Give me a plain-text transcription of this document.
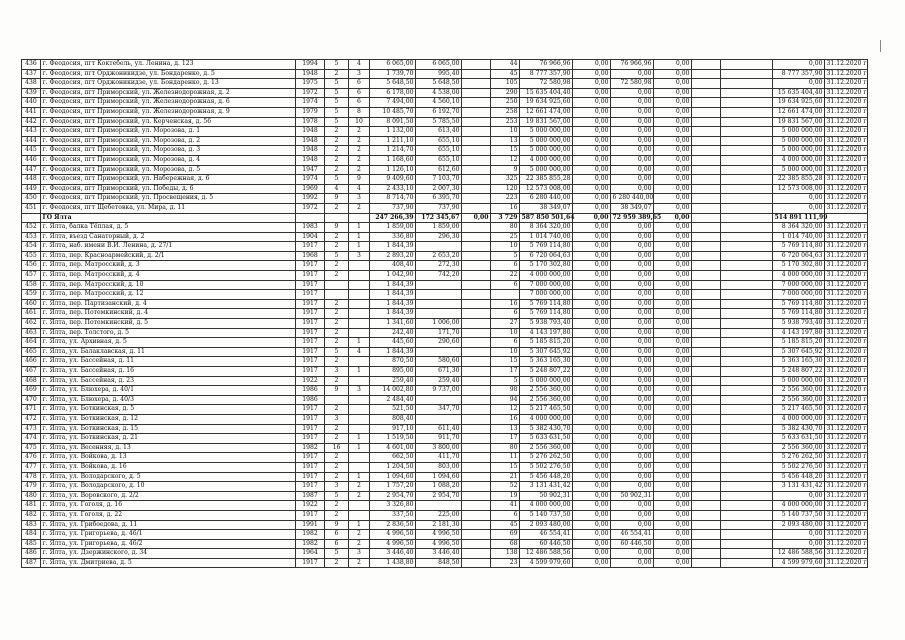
436	г. Феодосия, пгт Коктебель, ул. Ленина, д. 123	1994	5	4	6 065,00	6 065,00		44	76 966,96	0,00	76 966,96	0,00			0,00	31.12.2020 г.
437	г. Феодосия, пгт Орджоникидзе, ул. Бондаренко, д. 5	1948	2	3	1 739,70	995,40		45	8 777 357,90	0,00	0,00	0,00			8 777 357,90	31.12.2020 г.
438	г. Феодосия, пгт Орджоникидзе, ул. Бондаренко, д. 13	1975	5	6	5 648,50	5 648,50		105	72 580,98	0,00	72 580,98	0,00			0,00	31.12.2020 г.
439	г. Феодосия, пгт Приморский, ул. Железнодорожная, д. 2	1972	5	6	6 178,00	4 538,00		290	15 635 404,40	0,00	0,00	0,00			15 635 404,40	31.12.2020 г.
440	г. Феодосия, пгт Приморский, ул. Железнодорожная, д. 6	1974	5	6	7 494,00	4 560,10		250	19 634 925,60	0,00	0,00	0,00			19 634 925,60	31.12.2020 г.
441	г. Феодосия, пгт Приморский, ул. Железнодорожная, д. 9	1979	5	8	10 485,70	6 192,70		258	12 661 474,00	0,00	0,00	0,00			12 661 474,00	31.12.2020 г.
442	г. Феодосия, пгт Приморский, ул. Керченская, д. 56	1978	5	10	8 091,50	5 785,50		253	19 831 567,00	0,00	0,00	0,00			19 831 567,00	31.12.2020 г.
443	г. Феодосия, пгт Приморский, ул. Морозова, д. 1	1948	2	2	1 132,00	613,40		10	5 000 000,00	0,00	0,00	0,00			5 000 000,00	31.12.2020 г.
444	г. Феодосия, пгт Приморский, ул. Морозова, д. 2	1948	2	2	1 211,10	655,10		13	5 000 000,00	0,00	0,00	0,00			5 000 000,00	31.12.2020 г.
445	г. Феодосия, пгт Приморский, ул. Морозова, д. 3	1948	2	2	1 214,70	655,10		15	5 000 000,00	0,00	0,00	0,00			5 000 000,00	31.12.2020 г.
446	г. Феодосия, пгт Приморский, ул. Морозова, д. 4	1948	2	2	1 168,60	655,10		12	4 000 000,00	0,00	0,00	0,00			4 000 000,00	31.12.2020 г.
447	г. Феодосия, пгт Приморский, ул. Морозова, д. 5	1947	2	2	1 126,10	612,60		9	5 000 000,00	0,00	0,00	0,00			5 000 000,00	31.12.2020 г.
448	г. Феодосия, пгт Приморский, ул. Набережная, д. 6	1974	5	9	9 409,60	7 103,70		325	22 385 855,28	0,00	0,00	0,00			22 385 855,28	31.12.2020 г.
449	г. Феодосия, пгт Приморский, ул. Победы, д. 6	1969	4	4	2 433,10	2 007,30		120	12 573 008,00	0,00	0,00	0,00			12 573 008,00	31.12.2020 г.
450	г. Феодосия, пгт Приморский, ул. Просвещения, д. 5	1992	9	3	8 714,70	6 395,70		223	6 280 440,00	0,00	6 280 440,00	0,00			0,00	31.12.2020 г.
451	г. Феодосия, пгт Щебетовка, ул. Мира, д. 11	1972	2	2	737,90	737,90		16	38 349,07	0,00	38 349,07	0,00			0,00	31.12.2020 г.
	ГО Ялта				247 266,39	172 345,67	0,00	3 729	587 850 501,64	0,00	72 959 389,65	0,00			514 891 111,99	
452	г. Ялта, балка Тёплая, д. 5	1983	9	1	1 859,00	1 859,00		80	8 364 320,00	0,00	0,00	0,00			8 364 320,00	31.12.2020 г.
453	г. Ялта, въезд Санаторный, д. 2	1904	2	1	336,80	296,30		25	1 014 740,00	0,00	0,00	0,00			1 014 740,00	31.12.2020 г.
454	г. Ялта, наб. имени В.И. Ленина, д. 27/1	1917	2	1	1 844,39			10	5 769 114,80	0,00	0,00	0,00			5 769 114,80	31.12.2020 г.
455	г. Ялта, пер. Красноармейский, д. 2/1	1968	5	3	2 893,20	2 653,20		5	6 720 064,63	0,00	0,00	0,00			6 720 064,63	31.12.2020 г.
456	г. Ялта, пер. Матросский, д. 3	1917	2		408,40	272,30		6	5 170 302,80	0,00	0,00	0,00			5 170 302,80	31.12.2020 г.
457	г. Ялта, пер. Матросский, д. 4	1917	2		1 042,90	742,20		22	4 000 000,00	0,00	0,00	0,00			4 000 000,00	31.12.2020 г.
458	г. Ялта, пер. Матросский, д. 10	1917			1 844,39			6	7 000 000,00	0,00	0,00	0,00			7 000 000,00	31.12.2020 г.
459	г. Ялта, пер. Матросский, д. 12	1917			1 844,39				7 000 000,00	0,00	0,00	0,00			7 000 000,00	31.12.2020 г.
460	г. Ялта, пер. Партизанский, д. 4	1917	2		1 844,39			16	5 769 114,80	0,00	0,00	0,00			5 769 114,80	31.12.2020 г.
461	г. Ялта, пер. Потемкинский, д. 4	1917	2		1 844,39			6	5 769 114,80	0,00	0,00	0,00			5 769 114,80	31.12.2020 г.
462	г. Ялта, пер. Потемкинский, д. 5	1917	2		1 341,60	1 006,00		27	5 938 793,40	0,00	0,00	0,00			5 938 793,40	31.12.2020 г.
463	г. Ялта, пер. Толстого, д. 5	1917	2		242,40	171,70		10	4 143 197,80	0,00	0,00	0,00			4 143 197,80	31.12.2020 г.
464	г. Ялта, ул. Архивная, д. 5	1917	2	1	445,60	290,60		6	5 185 815,20	0,00	0,00	0,00			5 185 815,20	31.12.2020 г.
465	г. Ялта, ул. Балаклавская, д. 11	1917	5	4	1 844,39			10	5 307 645,92	0,00	0,00	0,00			5 307 645,92	31.12.2020 г.
466	г. Ялта, ул. Бассейная, д. 11	1917	2		870,50	580,60		15	5 363 165,30	0,00	0,00	0,00			5 363 165,30	31.12.2020 г.
467	г. Ялта, ул. Бассейная, д. 16	1917	3	1	895,00	671,30		17	5 248 807,22	0,00	0,00	0,00			5 248 807,22	31.12.2020 г.
468	г. Ялта, ул. Бассейная, д. 23	1922	2		259,40	259,40		5	5 000 000,00	0,00	0,00	0,00			5 000 000,00	31.12.2020 г.
469	г. Ялта, ул. Блюхера, д. 40/1	1986	9	3	14 002,80	9 737,00		98	2 556 360,00	0,00	0,00	0,00			2 556 360,00	31.12.2020 г.
470	г. Ялта, ул. Блюхера, д. 40/3	1986			2 484,40			94	2 556 360,00	0,00	0,00	0,00			2 556 360,00	31.12.2020 г.
471	г. Ялта, ул. Боткинская, д. 5	1917	2		521,50	347,70		12	5 217 465,50	0,00	0,00	0,00			5 217 465,50	31.12.2020 г.
472	г. Ялта, ул. Боткинская, д. 12	1917	3		808,40			16	4 000 000,00	0,00	0,00	0,00			4 000 000,00	31.12.2020 г.
473	г. Ялта, ул. Боткинская, д. 15	1917	2		917,10	611,40		13	5 382 430,70	0,00	0,00	0,00			5 382 430,70	31.12.2020 г.
474	г. Ялта, ул. Боткинская, д. 21	1917	2	1	1 519,50	911,70		17	5 633 631,50	0,00	0,00	0,00			5 633 631,50	31.12.2020 г.
475	г. Ялта, ул. Весенняя, д. 13	1982	16	1	4 601,00	3 800,00		80	2 556 360,00	0,00	0,00	0,00			2 556 360,00	31.12.2020 г.
476	г. Ялта, ул. Войкова, д. 13	1917	2		662,50	411,70		11	5 276 262,50	0,00	0,00	0,00			5 276 262,50	31.12.2020 г.
477	г. Ялта, ул. Войкова, д. 16	1917	2		1 204,50	803,00		15	5 502 276,50	0,00	0,00	0,00			5 502 276,50	31.12.2020 г.
478	г. Ялта, ул. Володарского, д. 5	1917	2	1	1 094,60	1 094,60		21	5 456 448,20	0,00	0,00	0,00			5 456 448,20	31.12.2020 г.
479	г. Ялта, ул. Володарского, д. 10	1917	3	2	1 757,20	1 088,20		52	3 131 431,42	0,00	0,00	0,00			3 131 431,42	31.12.2020 г.
480	г. Ялта, ул. Воровского, д. 2/2	1987	5	2	2 954,70	2 954,70		19	50 902,31	0,00	50 902,31	0,00			0,00	31.12.2020 г.
481	г. Ялта, ул. Гоголя, д. 16	1922	2		3 326,80			41	4 000 000,00	0,00	0,00	0,00			4 000 000,00	31.12.2020 г.
482	г. Ялта, ул. Гоголя, д. 22	1917	2		337,50	225,00		6	5 140 737,50	0,00	0,00	0,00			5 140 737,50	31.12.2020 г.
483	г. Ялта, ул. Грибоедова, д. 11	1991	9	1	2 836,50	2 181,30		45	2 093 480,00	0,00	0,00	0,00			2 093 480,00	31.12.2020 г.
484	г. Ялта, ул. Григорьева, д. 46/1	1982	6	2	4 996,50	4 996,50		69	46 554,41	0,00	46 554,41	0,00			0,00	31.12.2020 г.
485	г. Ялта, ул. Григорьева, д. 46/2	1982	6	2	4 996,50	4 996,50		68	60 446,50	0,00	60 446,50	0,00			0,00	31.12.2020 г.
486	г. Ялта, ул. Дзержинского, д. 34	1964	5	3	3 446,40	3 446,40		138	12 486 588,56	0,00	0,00	0,00			12 486 588,56	31.12.2020 г.
487	г. Ялта, ул. Дмитриева, д. 5	1917	2	2	1 438,80	848,50		23	4 599 979,60	0,00	0,00	0,00			4 599 979,60	31.12.2020 г.
